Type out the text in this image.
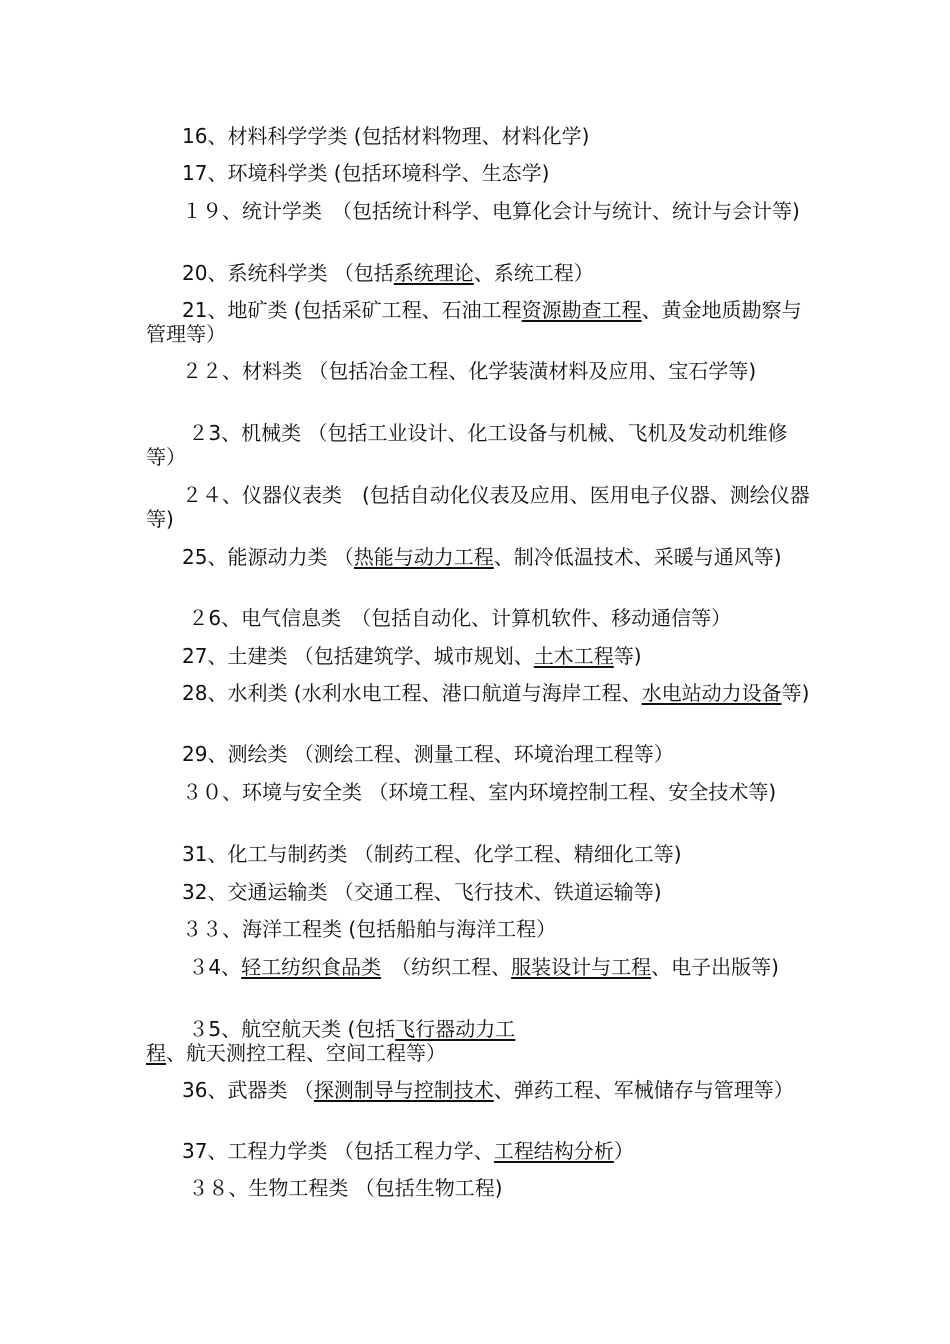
16、材料科学学类 (包括材料物理、材料化学)
17、环境科学类 (包括环境科学、生态学)
１９、统计学类　（包括统计科学、电算化会计与统计、统计与会计等)
20、系统科学类 （包括系统理论、系统工程）
21、地矿类 (包括采矿工程、石油工程资源勘查工程、黄金地质勘察与管理等）
２２、材料类 （包括冶金工程、化学装潢材料及应用、宝石学等)
２3、机械类 （包括工业设计、化工设备与机械、飞机及发动机维修等）
２４、仪器仪表类　(包括自动化仪表及应用、医用电子仪器、测绘仪器等)
25、能源动力类 （热能与动力工程、制冷低温技术、采暖与通风等)
２6、电气信息类　（包括自动化、计算机软件、移动通信等）
27、土建类 （包括建筑学、城市规划、土木工程等)
28、水利类 (水利水电工程、港口航道与海岸工程、水电站动力设备等)
29、测绘类 （测绘工程、测量工程、环境治理工程等）
３０、环境与安全类 （环境工程、室内环境控制工程、安全技术等)
31、化工与制药类 （制药工程、化学工程、精细化工等)
32、交通运输类 （交通工程、飞行技术、铁道运输等)
３３、海洋工程类 (包括船舶与海洋工程）
３4、轻工纺织食品类　（纺织工程、服装设计与工程、电子出版等)
３5、航空航天类 (包括飞行器动力工程、航天测控工程、空间工程等）
36、武器类 （探测制导与控制技术、弹药工程、军械储存与管理等）
37、工程力学类 （包括工程力学、工程结构分析）
３８、生物工程类 （包括生物工程)
